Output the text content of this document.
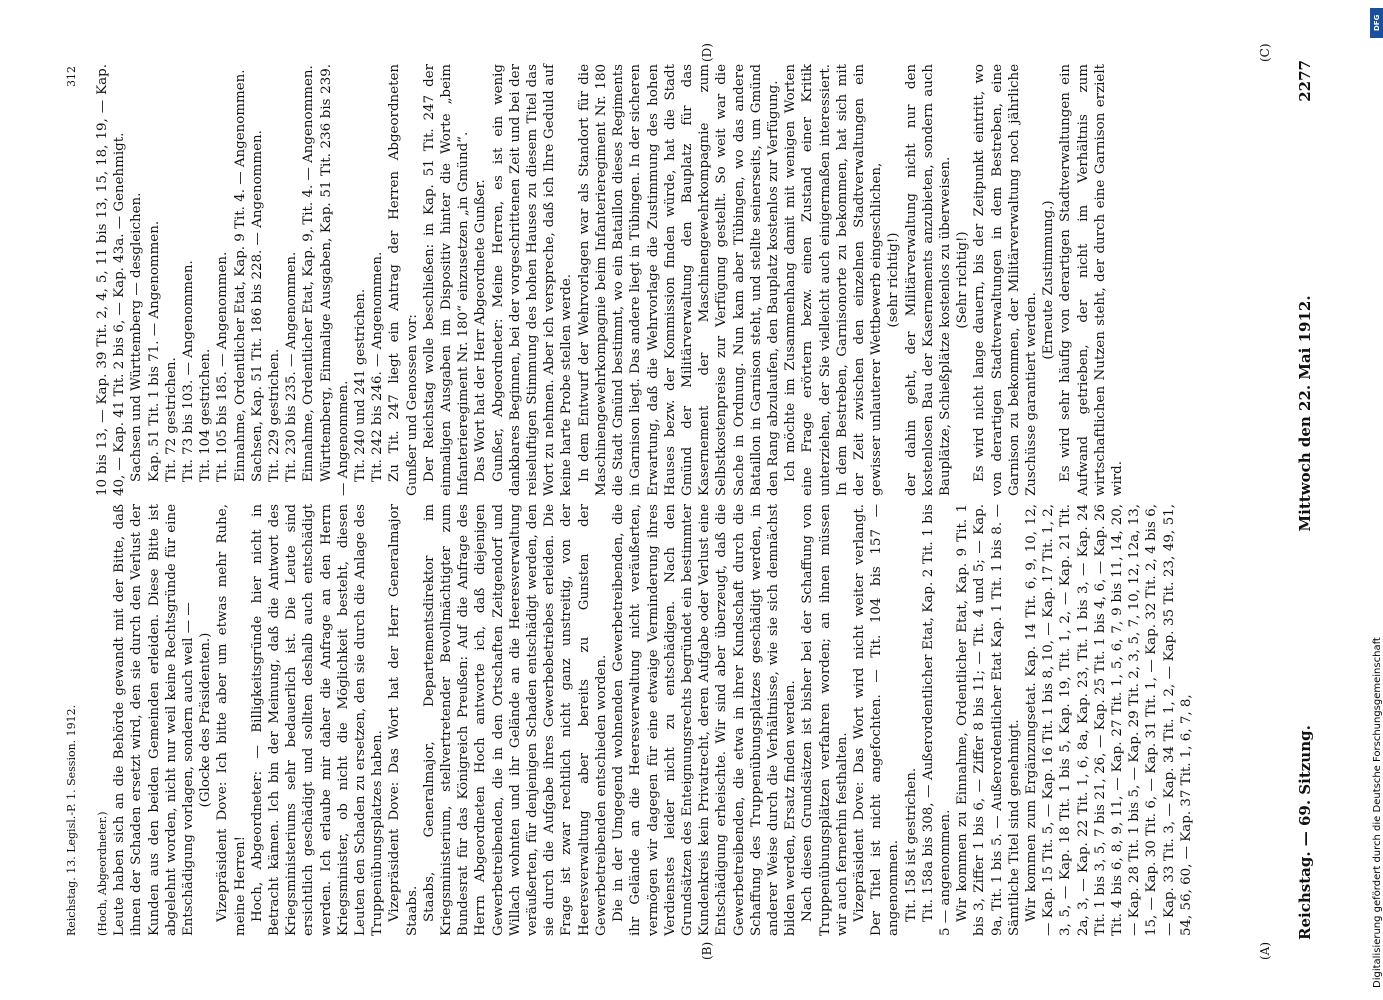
Reichstag. — 69. Sitzung.
Mittwoch den 22. Mai 1912.
2277
(A)
(B)
(C)
(D)

(Hoch, Abgeordneter.) Leute haben sich an die Behörde gewandt mit der Bitte, daß ihnen der Schaden ersetzt wird, den sie durch den Verlust der Kunden aus den beiden Gemeinden erleiden. Diese Bitte ist abgelehnt worden, nicht nur weil keine Rechtsgründe für eine Entschädigung vorlagen, sondern auch weil — — (Glocke des Präsidenten.) Vizepräsident Dove: Ich bitte aber um etwas mehr Ruhe, meine Herren! Hoch, Abgeordneter: — Billigkeitsgründe hier nicht in Betracht kämen. Ich bin der Meinung, daß die Antwort des Kriegsministeriums sehr bedauerlich ist. Die Leute sind ersichtlich geschädigt und sollten deshalb auch entschädigt werden. Ich erlaube mir daher die Anfrage an den Herrn Kriegsminister, ob nicht die Möglichkeit besteht, diesen Leuten den Schaden zu ersetzen, den sie durch die Anlage des Truppenübungsplatzes haben. Vizepräsident Dove: Das Wort hat der Herr Generalmajor Staabs. Staabs, Generalmajor, Departementsdirektor im Kriegsministerium, stellvertretender Bevollmächtigter zum Bundesrat für das Königreich Preußen: Auf die Anfrage des Herrn Abgeordneten Hoch antworte ich, daß diejenigen Gewerbetreibenden, die in den Ortschaften Zeitgendorf und Willach wohnten und ihr Gelände an die Heeresverwaltung veräußerten, für denjenigen Schaden entschädigt werden, den sie durch die Aufgabe ihres Gewerbebetriebes erleiden. Die Frage ist zwar rechtlich nicht ganz unstreitig, von der Heeresverwaltung aber bereits zu Gunsten der Gewerbetreibenden entschieden worden. Die in der Umgegend wohnenden Gewerbetreibenden, die ihr Gelände an die Heeresverwaltung nicht veräußerten, vermögen wir dagegen für eine etwaige Verminderung ihres Verdienstes leider nicht zu entschädigen. Nach den Grundsätzen des Enteignungsrechts begründet ein bestimmter Kundenkreis kein Privatrecht, deren Aufgabe oder Verlust eine Entschädigung erheischte. Wir sind aber überzeugt, daß die Gewerbetreibenden, die etwa in ihrer Kundschaft durch die Schaffung des Truppenübungsplatzes geschädigt werden, in anderer Weise durch die Verhältnisse, wie sie sich demnächst bilden werden, Ersatz finden werden. Nach diesen Grundsätzen ist bisher bei der Schaffung von Truppenübungsplätzen verfahren worden; an ihnen müssen wir auch fernerhin festhalten. Vizepräsident Dove: Das Wort wird nicht weiter verlangt. Der Titel ist nicht angefochten. — Tit. 104 bis 157 — angenommen. Tit. 158 ist gestrichen. Tit. 158a bis 308, — Außerordentlicher Etat, Kap. 2 Tit. 1 bis 5 — angenommen. Wir kommen zu Einnahme, Ordentlicher Etat, Kap. 9 Tit. 1 bis 3, Ziffer 1 bis 6, — Ziffer 8 bis 11; — Tit. 4 und 5; — Kap. 9a, Tit. 1 bis 5. — Außerordentlicher Etat Kap. 1 Tit. 1 bis 8. — Sämtliche Titel sind genehmigt. Wir kommen zum Ergänzungsetat. Kap. 14 Tit. 6, 9, 10, 12, — Kap. 15 Tit. 5, — Kap. 16 Tit. 1 bis 8, 10, — Kap. 17 Tit. 1, 2, 3, 5, — Kap. 18 Tit. 1 bis 5, Kap. 19, Tit. 1, 2, — Kap. 21 Tit. 2a, 3, — Kap. 22 Tit. 1, 6, 8a, Kap. 23, Tit. 1 bis 3, — Kap. 24 Tit. 1 bis 3, 5, 7 bis 21, 26, — Kap. 25 Tit. 1 bis 4, 6, — Kap. 26 Tit. 4 bis 6, 8, 9, 11, — Kap. 27 Tit. 1, 5, 6, 7, 9 bis 11, 14, 20, — Kap. 28 Tit. 1 bis 5, — Kap. 29 Tit. 2, 3, 5, 7, 10, 12, 12a, 13, 15, — Kap. 30 Tit. 6, — Kap. 31 Tit. 1, — Kap. 32 Tit. 2, 4 bis 6, — Kap. 33 Tit. 3, — Kap. 34 Tit. 1, 2, — Kap. 35 Tit. 23, 49, 51, 54, 56, 60, — Kap. 37 Tit. 1, 6, 7, 8,

10 bis 13, — Kap. 39 Tit. 2, 4, 5, 11 bis 13, 15, 18, 19, — Kap. 40, — Kap. 41 Tit. 2 bis 6, — Kap. 43a. — Genehmigt. Sachsen und Württemberg — desgleichen. Kap. 51 Tit. 1 bis 71. — Angenommen. Tit. 72 gestrichen. Tit. 73 bis 103. — Angenommen. Tit. 104 gestrichen. Tit. 105 bis 185. — Angenommen. Einnahme, Ordentlicher Etat, Kap. 9 Tit. 4. — Angenommen. Sachsen, Kap. 51 Tit. 186 bis 228. — Angenommen. Tit. 229 gestrichen. Tit. 230 bis 235. — Angenommen. Einnahme, Ordentlicher Etat, Kap. 9, Tit. 4. — Angenommen. Württemberg, Einmalige Ausgaben, Kap. 51 Tit. 236 bis 239. — Angenommen. Tit. 240 und 241 gestrichen. Tit. 242 bis 246. — Angenommen. Zu Tit. 247 liegt ein Antrag der Herren Abgeordneten Gunßer und Genossen vor: Der Reichstag wolle beschließen: in Kap. 51 Tit. 247 der einmaligen Ausgaben im Dispositiv hinter die Worte „beim Infanterieregiment Nr. 180“ einzusetzen „in Gmünd“. Das Wort hat der Herr Abgeordnete Gunßer. Gunßer, Abgeordneter: Meine Herren, es ist ein wenig dankbares Beginnen, bei der vorgeschrittenen Zeit und bei der reiseluftigen Stimmung des hohen Hauses zu diesem Titel das Wort zu nehmen. Aber ich verspreche, daß ich Ihre Geduld auf keine harte Probe stellen werde. In dem Entwurf der Wehrvorlagen war als Standort für die Maschinengewehrkompagnie beim Infanterieregiment Nr. 180 die Stadt Gmünd bestimmt, wo ein Bataillon dieses Regiments in Garnison liegt. Das andere liegt in Tübingen. In der sicheren Erwartung, daß die Wehrvorlage die Zustimmung des hohen Hauses bezw. der Kommission finden würde, hat die Stadt Gmünd der Militärverwaltung den Bauplatz für das Kasernement der Maschinengewehrkompagnie zum Selbstkostenpreise zur Verfügung gestellt. So weit war die Sache in Ordnung. Nun kam aber Tübingen, wo das andere Bataillon in Garnison steht, und stellte seinerseits, um Gmünd den Rang abzulaufen, den Bauplatz kostenlos zur Verfügung. Ich möchte im Zusammenhang damit mit wenigen Worten eine Frage erörtern bezw. einen Zustand einer Kritik unterziehen, der Sie vielleicht auch einigermaßen interessiert. In dem Bestreben, Garnisonorte zu bekommen, hat sich mit der Zeit zwischen den einzelnen Stadtverwaltungen ein gewisser unlauterer Wettbewerb eingeschlichen, (sehr richtig!) der dahin geht, der Militärverwaltung nicht nur den kostenlosen Bau der Kasernements anzubieten, sondern auch Bauplätze, Schießplätze kostenlos zu überweisen. (Sehr richtig!) Es wird nicht lange dauern, bis der Zeitpunkt eintritt, wo von derartigen Stadtverwaltungen in dem Bestreben, eine Garnison zu bekommen, der Militärverwaltung noch jährliche Zuschüsse garantiert werden.

(Erneute Zustimmung.) Es wird sehr häufig von derartigen Stadtverwaltungen ein Aufwand getrieben, der nicht im Verhältnis zum wirtschaftlichen Nutzen steht, der durch eine Garnison erzielt wird.

Reichstag. 13. Legisl.-P. 1. Session. 1912.
312
Digitalisierung gefördert durch die Deutsche Forschungsgemeinschaft
DFG
